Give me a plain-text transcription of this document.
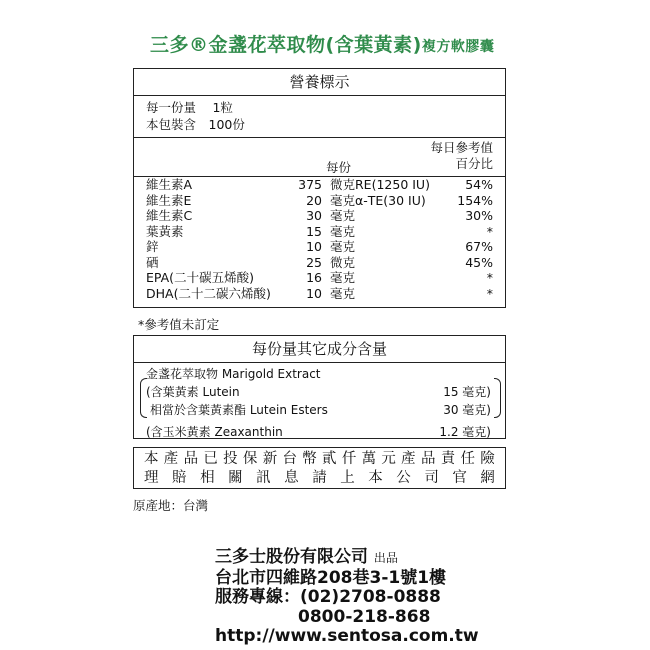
三多®金盞花萃取物(含葉黃素)複方軟膠囊
營養標示
每一份量　 1粒
本包裝含　100份
每日參考值
百分比
每份
維生素A	375 微克RE(1250 IU)	54%
維生素E	20 毫克α-TE(30 IU)	154%
維生素C	30 毫克	30%
葉黃素	15 毫克	*
鋅	10 毫克	67%
硒	25 微克	45%
EPA(二十碳五烯酸)	16 毫克	*
DHA(二十二碳六烯酸)	10 毫克	*
*參考值未訂定
每份量其它成分含量
金盞花萃取物 Marigold Extract
(含葉黃素 Lutein	15 毫克)
相當於含葉黃素酯 Lutein Esters	30 毫克)
(含玉米黃素 Zeaxanthin	1.2 毫克)
本 產 品 已 投 保 新 台 幣 貳 仟 萬 元 產 品 責 任 險
理 賠 相 關 訊 息 請 上 本 公 司 官 網
原產地：台灣
三多士股份有限公司 出品
台北市四維路208巷3-1號1樓
服務專線：(02)2708-0888
0800-218-868
http://www.sentosa.com.tw
